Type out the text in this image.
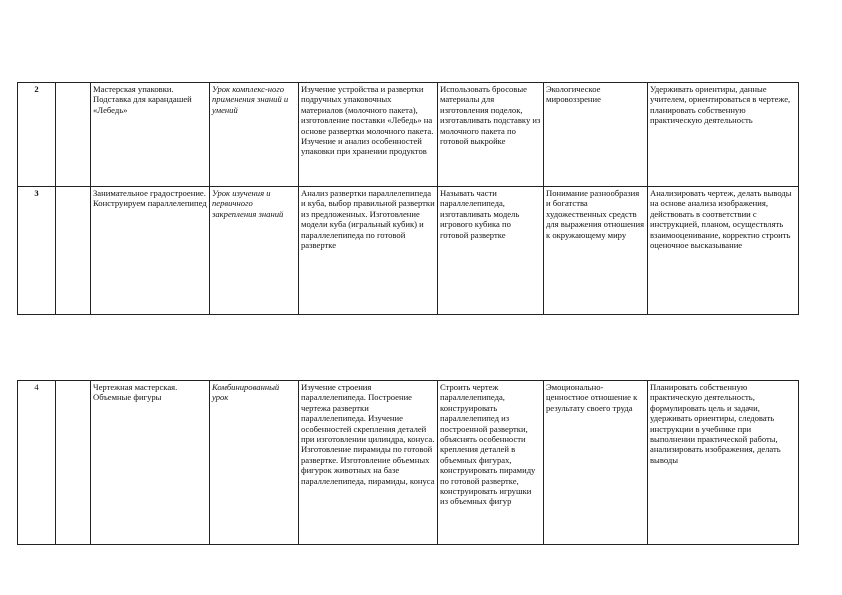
2		Мастерская упаковки. Подставка для карандашей «Лебедь»	Урок комплекс-ного применения знаний и умений	Изучение устройства и развертки подручных упаковочных материалов (молочного пакета), изготовление поставки «Лебедь» на основе развертки молочного пакета. Изучение и анализ особенностей упаковки при хранении продуктов	Использовать бросовые материалы для изготовления поделок, изготавливать подставку из молочного пакета по готовой выкройке	Экологическое мировоззрение	Удерживать ориентиры, данные учителем, ориентироваться в чертеже, планировать собственную практическую деятельность
3		Занимательное градостроение. Конструируем параллелепипед	Урок изучения и первичного закрепления знаний	Анализ развертки параллелепипеда и куба, выбор правильной развертки из предложенных. Изготовление модели куба (игральный кубик) и параллелепипеда по готовой развертке	Называть части параллелепипеда, изготавливать модель игрового кубика по готовой развертке	Понимание разнообразия и богатства художественных средств для выражения отношения к окружающему миру	Анализировать чертеж, делать выводы на основе анализа изображения, действовать в соответствии с инструкцией, планом, осуществлять взаимооценивание, корректно строить оценочное высказывание
4		Чертежная мастерская. Объемные фигуры	Комбинированный урок	Изучение строения параллелепипеда. Построение чертежа развертки параллелепипеда. Изучение особенностей скрепления деталей при изготовлении цилиндра, конуса. Изготовление пирамиды по готовой развертке. Изготовление объемных фигурок животных на базе параллелепипеда, пирамиды, конуса	Строить чертеж параллелепипеда, конструировать параллелепипед из построенной развертки, объяснять особенности крепления деталей в объемных фигурах, конструировать пирамиду по готовой развертке, конструировать игрушки из объемных фигур	Эмоционально-ценностное отношение к результату своего труда	Планировать собственную практическую деятельность, формулировать цель и задачи, удерживать ориентиры, следовать инструкции в учебнике при выполнении практической работы, анализировать изображения, делать выводы
